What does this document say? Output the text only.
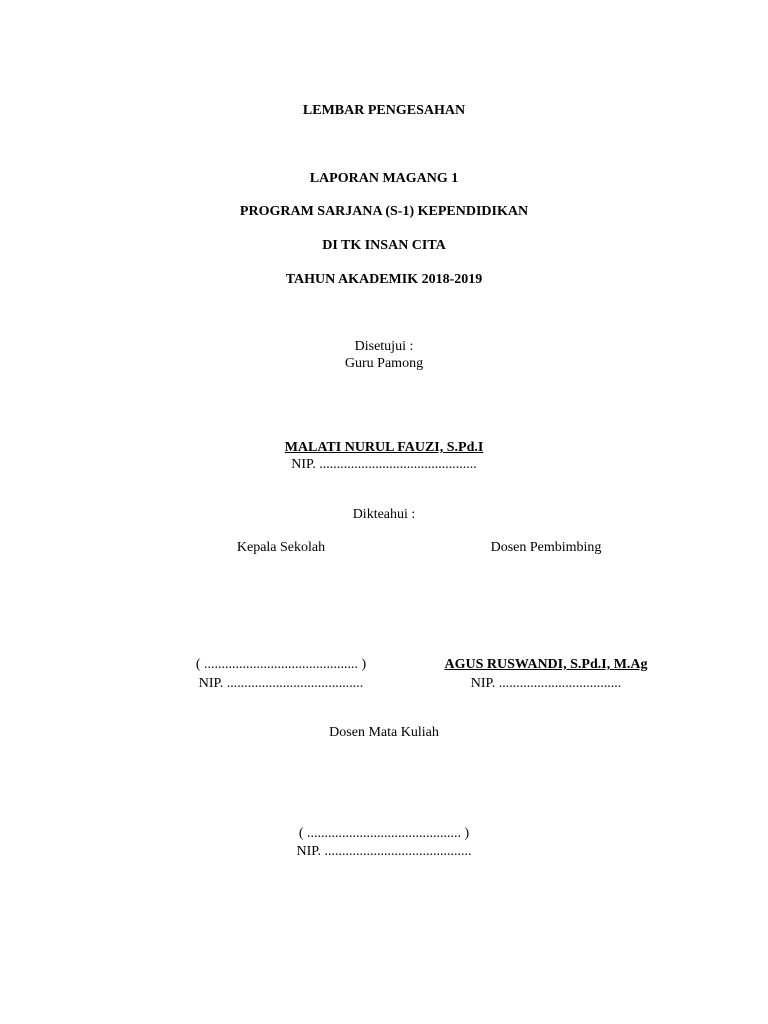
LEMBAR PENGESAHAN
LAPORAN MAGANG 1
PROGRAM SARJANA (S-1) KEPENDIDIKAN
DI TK INSAN CITA
TAHUN AKADEMIK 2018-2019
Disetujui :
Guru Pamong
MALATI NURUL FAUZI, S.Pd.I
NIP. .............................................
Dikteahui :
Kepala Sekolah	Dosen Pembimbing
( ............................................ )	AGUS RUSWANDI, S.Pd.I, M.Ag
NIP. .......................................	NIP. ...................................
Dosen Mata Kuliah
( ............................................ )
NIP. ..........................................
